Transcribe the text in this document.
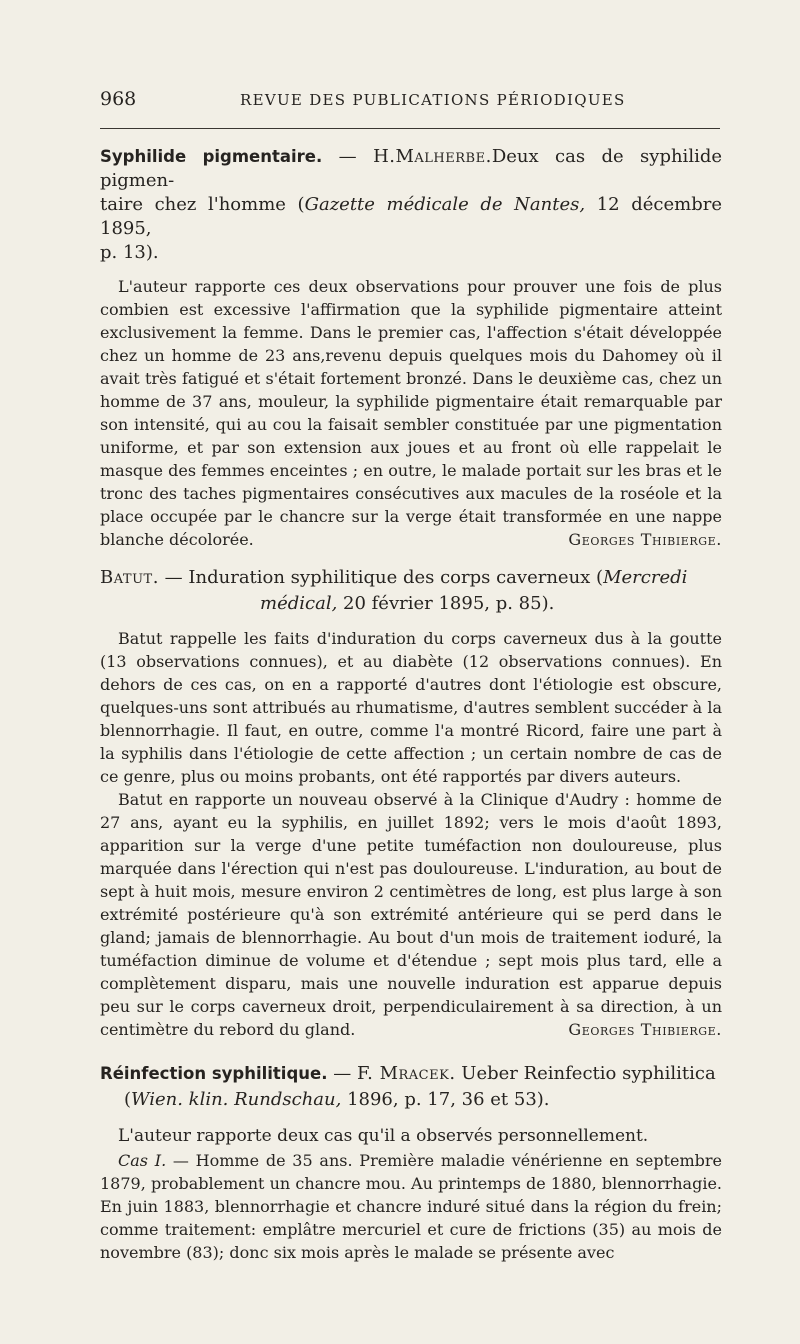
968	REVUE DES PUBLICATIONS PÉRIODIQUES

Syphilide pigmentaire. — H.Malherbe.Deux cas de syphilide pigmen-
taire chez l'homme (Gazette médicale de Nantes, 12 décembre 1895,
p. 13).

L'auteur rapporte ces deux observations pour prouver une fois de plus combien est excessive l'affirmation que la syphilide pigmentaire atteint exclusivement la femme. Dans le premier cas, l'affection s'était développée chez un homme de 23 ans,revenu depuis quelques mois du Dahomey où il avait très fatigué et s'était fortement bronzé. Dans le deuxième cas, chez un homme de 37 ans, mouleur, la syphilide pigmentaire était remarquable par son intensité, qui au cou la faisait sembler constituée par une pigmentation uniforme, et par son extension aux joues et au front où elle rappelait le masque des femmes enceintes ; en outre, le malade portait sur les bras et le tronc des taches pigmentaires consécutives aux macules de la roséole et la place occupée par le chancre sur la verge était transformée en une nappe blanche décolorée.	Georges Thibierge.

Batut. — Induration syphilitique des corps caverneux (Mercredi
médical, 20 février 1895, p. 85).

Batut rappelle les faits d'induration du corps caverneux dus à la goutte (13 observations connues), et au diabète (12 observations connues). En dehors de ces cas, on en a rapporté d'autres dont l'étiologie est obscure, quelques-uns sont attribués au rhumatisme, d'autres semblent succéder à la blennorrhagie. Il faut, en outre, comme l'a montré Ricord, faire une part à la syphilis dans l'étiologie de cette affection ; un certain nombre de cas de ce genre, plus ou moins probants, ont été rapportés par divers auteurs.

Batut en rapporte un nouveau observé à la Clinique d'Audry : homme de 27 ans, ayant eu la syphilis, en juillet 1892; vers le mois d'août 1893, apparition sur la verge d'une petite tuméfaction non douloureuse, plus marquée dans l'érection qui n'est pas douloureuse. L'induration, au bout de sept à huit mois, mesure environ 2 centimètres de long, est plus large à son extrémité postérieure qu'à son extrémité antérieure qui se perd dans le gland; jamais de blennorrhagie. Au bout d'un mois de traitement ioduré, la tuméfaction diminue de volume et d'étendue ; sept mois plus tard, elle a complètement disparu, mais une nouvelle induration est apparue depuis peu sur le corps caverneux droit, perpendiculairement à sa direction, à un centimètre du rebord du gland.	Georges Thibierge.

Réinfection syphilitique. — F. Mracek. Ueber Reinfectio syphilitica
(Wien. klin. Rundschau, 1896, p. 17, 36 et 53).

L'auteur rapporte deux cas qu'il a observés personnellement.

Cas I. — Homme de 35 ans. Première maladie vénérienne en septembre 1879, probablement un chancre mou. Au printemps de 1880, blennorrhagie. En juin 1883, blennorrhagie et chancre induré situé dans la région du frein; comme traitement: emplâtre mercuriel et cure de frictions (35) au mois de novembre (83); donc six mois après le malade se présente avec
